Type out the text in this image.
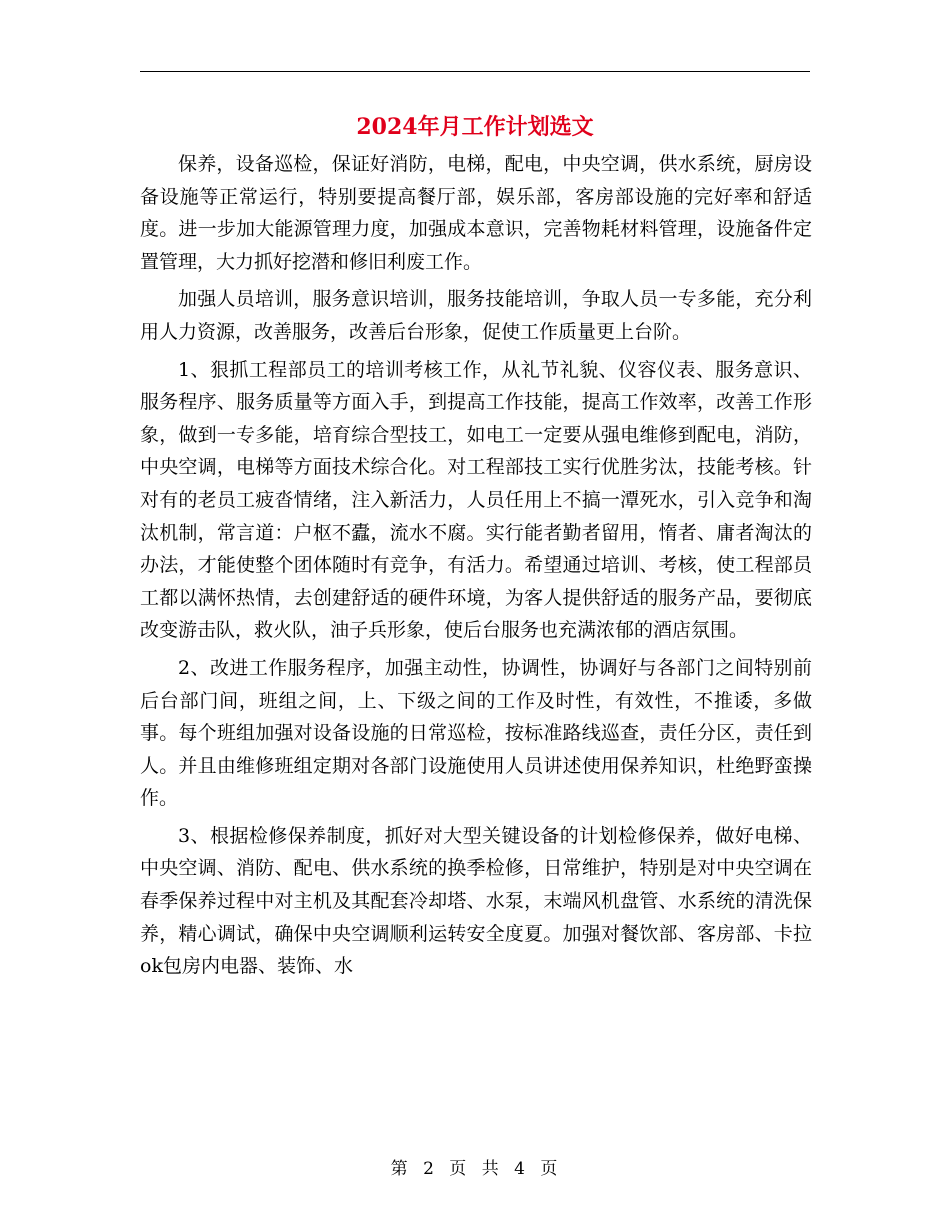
2024年月工作计划选文

保养，设备巡检，保证好消防，电梯，配电，中央空调，供水系统，厨房设备设施等正常运行，特别要提高餐厅部，娱乐部，客房部设施的完好率和舒适度。进一步加大能源管理力度，加强成本意识，完善物耗材料管理，设施备件定置管理，大力抓好挖潜和修旧利废工作。

加强人员培训，服务意识培训，服务技能培训，争取人员一专多能，充分利用人力资源，改善服务，改善后台形象，促使工作质量更上台阶。

1、狠抓工程部员工的培训考核工作，从礼节礼貌、仪容仪表、服务意识、服务程序、服务质量等方面入手，到提高工作技能，提高工作效率，改善工作形象，做到一专多能，培育综合型技工，如电工一定要从强电维修到配电，消防，中央空调，电梯等方面技术综合化。对工程部技工实行优胜劣汰，技能考核。针对有的老员工疲沓情绪，注入新活力，人员任用上不搞一潭死水，引入竞争和淘汰机制，常言道：户枢不蠹，流水不腐。实行能者勤者留用，惰者、庸者淘汰的办法，才能使整个团体随时有竞争，有活力。希望通过培训、考核，使工程部员工都以满怀热情，去创建舒适的硬件环境，为客人提供舒适的服务产品，要彻底改变游击队，救火队，油子兵形象，使后台服务也充满浓郁的酒店氛围。

2、改进工作服务程序，加强主动性，协调性，协调好与各部门之间特别前后台部门间，班组之间，上、下级之间的工作及时性，有效性，不推诿，多做事。每个班组加强对设备设施的日常巡检，按标准路线巡查，责任分区，责任到人。并且由维修班组定期对各部门设施使用人员讲述使用保养知识，杜绝野蛮操作。

3、根据检修保养制度，抓好对大型关键设备的计划检修保养，做好电梯、中央空调、消防、配电、供水系统的换季检修，日常维护，特别是对中央空调在春季保养过程中对主机及其配套冷却塔、水泵，末端风机盘管、水系统的清洗保养，精心调试，确保中央空调顺利运转安全度夏。加强对餐饮部、客房部、卡拉ok包房内电器、装饰、水

第 2 页 共 4 页
